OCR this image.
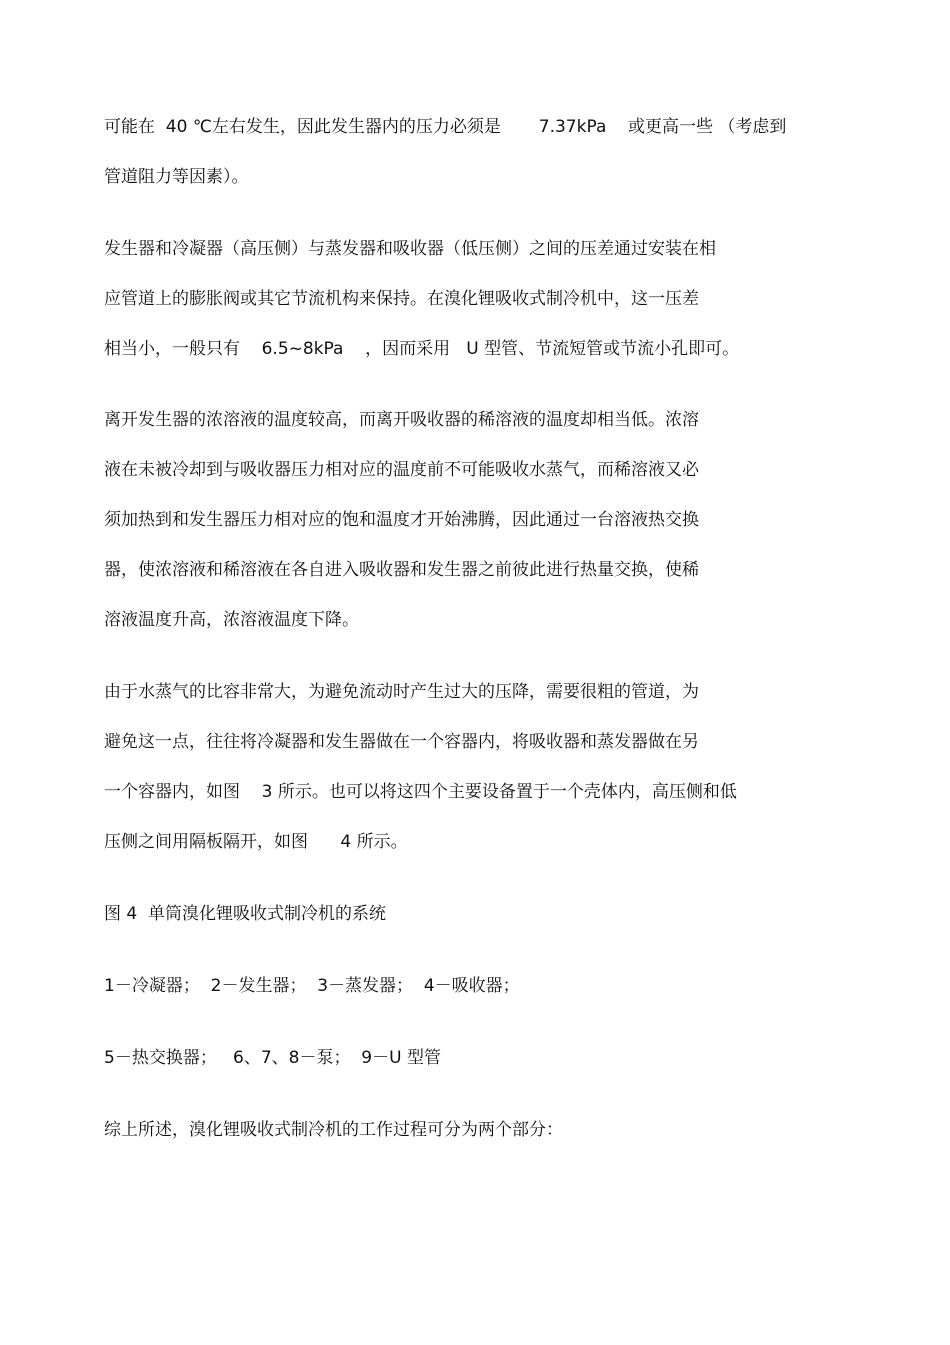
可能在  40 ℃左右发生，因此发生器内的压力必须是       7.37kPa    或更高一些 （考虑到
管道阻力等因素）。
发生器和冷凝器（高压侧）与蒸发器和吸收器（低压侧）之间的压差通过安装在相
应管道上的膨胀阀或其它节流机构来保持。在溴化锂吸收式制冷机中，这一压差
相当小，一般只有    6.5~8kPa    ，因而采用   U 型管、节流短管或节流小孔即可。
离开发生器的浓溶液的温度较高，而离开吸收器的稀溶液的温度却相当低。浓溶
液在未被冷却到与吸收器压力相对应的温度前不可能吸收水蒸气，而稀溶液又必
须加热到和发生器压力相对应的饱和温度才开始沸腾，因此通过一台溶液热交换
器，使浓溶液和稀溶液在各自进入吸收器和发生器之前彼此进行热量交换，使稀
溶液温度升高，浓溶液温度下降。
由于水蒸气的比容非常大，为避免流动时产生过大的压降，需要很粗的管道，为
避免这一点，往往将冷凝器和发生器做在一个容器内，将吸收器和蒸发器做在另
一个容器内，如图    3 所示。也可以将这四个主要设备置于一个壳体内，高压侧和低
压侧之间用隔板隔开，如图      4 所示。
图 4  单筒溴化锂吸收式制冷机的系统
1－冷凝器；  2－发生器；  3－蒸发器；  4－吸收器；
5－热交换器；   6、7、8－泵；  9－U 型管
综上所述，溴化锂吸收式制冷机的工作过程可分为两个部分：
